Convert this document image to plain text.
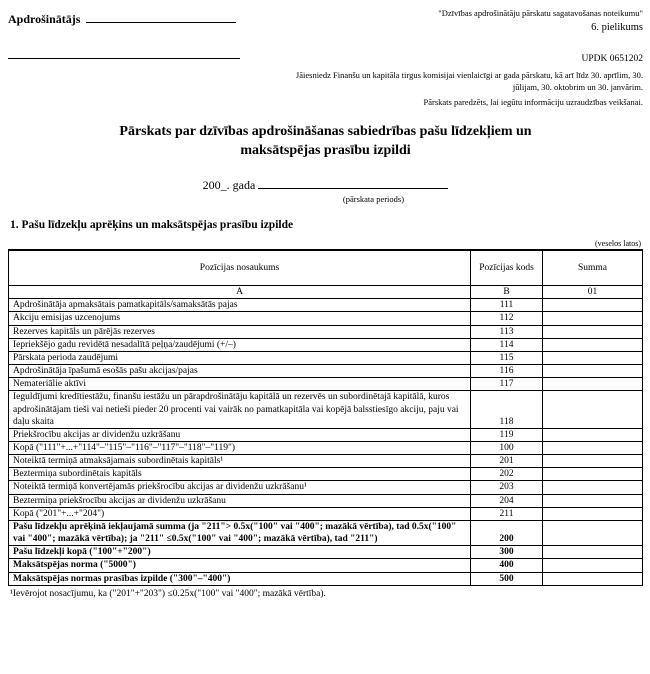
Apdrošinātājs	"Dzīvības apdrošinātāju pārskatu sagatavošanas noteikumu"
6. pielikums
UPDK 0651202
Jāiesniedz Finanšu un kapitāla tirgus komisijai vienlaicīgi ar gada pārskatu, kā arī līdz 30. aprīlim, 30. jūlijam, 30. oktobrim un 30. janvārim.
Pārskats paredzēts, lai iegūtu informāciju uzraudzības veikšanai.
Pārskats par dzīvības apdrošināšanas sabiedrības pašu līdzekļiem un maksātspējas prasību izpildi
200_. gada
(pārskata periods)
1. Pašu līdzekļu aprēķins un maksātspējas prasību izpilde
(veselos latos)
Pozīcijas nosaukums	Pozīcijas kods	Summa
A	B	01
Apdrošinātāja apmaksātais pamatkapitāls/samaksātās pajas	111	
Akciju emisijas uzcenojums	112	
Rezerves kapitāls un pārējās rezerves	113	
Iepriekšējo gadu revidētā nesadalītā peļņa/zaudējumi (+/–)	114	
Pārskata perioda zaudējumi	115	
Apdrošinātāja īpašumā esošās pašu akcijas/pajas	116	
Nemateriālie aktīvi	117	
Ieguldījumi kredītiestāžu, finanšu iestāžu un pārapdrošinātāju kapitālā un rezervēs un subordinētajā kapitālā, kuros apdrošinātājam tieši vai netieši pieder 20 procenti vai vairāk no pamatkapitāla vai kopējā balsstiesīgo akciju, paju vai daļu skaita	118	
Priekšrocību akcijas ar dividenžu uzkrāšanu	119	
Kopā ("111"+...+"114"–"115"–"116"–"117"–"118"–"119")	100	
Noteiktā termiņā atmaksājamais subordinētais kapitāls¹	201	
Beztermiņa subordinētais kapitāls	202	
Noteiktā termiņā konvertējamās priekšrocību akcijas ar dividenžu uzkrāšanu¹	203	
Beztermiņa priekšrocību akcijas ar dividenžu uzkrāšanu	204	
Kopā ("201"+...+"204")	211	
Pašu līdzekļu aprēķinā iekļaujamā summa (ja "211"> 0.5x("100" vai "400"; mazākā vērtība), tad 0.5x("100" vai "400"; mazākā vērtība); ja "211" ≤0.5x("100" vai "400"; mazākā vērtība), tad "211")	200	
Pašu līdzekļi kopā ("100"+"200")	300	
Maksātspējas norma ("5000")	400	
Maksātspējas normas prasības izpilde ("300"–"400")	500	
¹Ievērojot nosacījumu, ka ("201"+"203") ≤0.25x("100" vai "400"; mazākā vērtība).
